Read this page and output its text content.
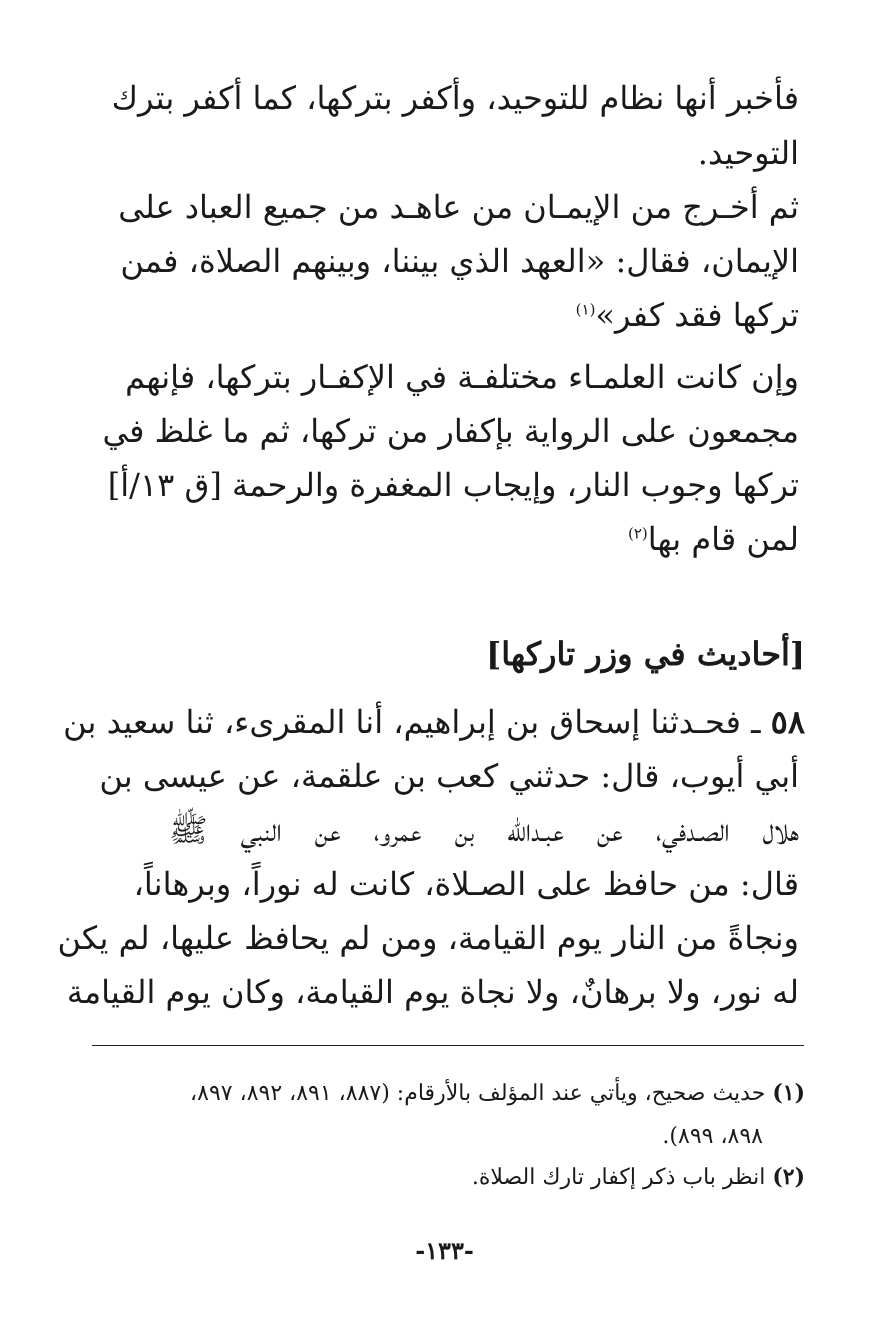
فأخبر أنها نظام للتوحيد، وأكفر بتركها، كما أكفر بترك
التوحيد.
ثم أخـرج من الإيمـان من عاهـد من جميع العباد على
الإيمان، فقال: «العهد الذي بيننا، وبينهم الصلاة، فمن
تركها فقد كفر»$^{(١)}$
وإن كانت العلمـاء مختلفـة في الإكفـار بتركها، فإنهم
مجمعون على الرواية بإكفار من تركها، ثم ما غلظ في
تركها وجوب النار، وإيجاب المغفرة والرحمة [ق ١٣/أ]
لمن قام بها$^{(٢)}$
[أحاديث في وزر تاركها]
٥٨ ـ فحـدثنا إسحاق بن إبراهيم، أنا المقرىء، ثنا سعيد بن
أبي أيوب، قال: حدثني كعب بن علقمة، عن عيسى بن
هلال الصـدفي، عن عبـدالله بن عمرو، عن النبي ﷺ
قال: من حافظ على الصـلاة، كانت له نوراً، وبرهاناً،
ونجاةً من النار يوم القيامة، ومن لم يحافظ عليها، لم يكن
له نور، ولا برهانٌ، ولا نجاة يوم القيامة، وكان يوم القيامة
(١) حديث صحيح، ويأتي عند المؤلف بالأرقام: (٨٨٧، ٨٩١، ٨٩٢، ٨٩٧،
٨٩٨، ٨٩٩).
(٢) انظر باب ذكر إكفار تارك الصلاة.
-١٣٣-
